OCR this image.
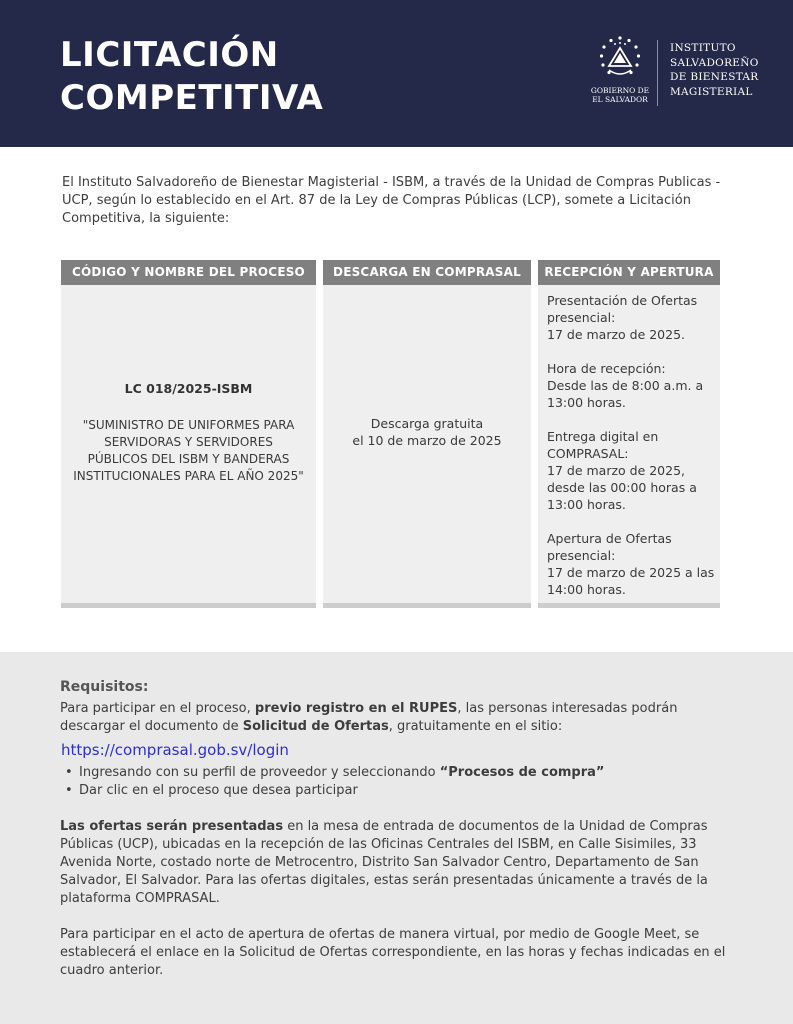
LICITACIÓN
COMPETITIVA	GOBIERNO DE
EL SALVADOR
INSTITUTO
SALVADOREÑO
DE BIENESTAR
MAGISTERIAL

El Instituto Salvadoreño de Bienestar Magisterial - ISBM, a través de la Unidad de Compras Publicas - UCP, según lo establecido en el Art. 87 de la Ley de Compras Públicas (LCP), somete a Licitación Competitiva, la siguiente:

CÓDIGO Y NOMBRE DEL PROCESO
LC 018/2025-ISBM
"SUMINISTRO DE UNIFORMES PARA SERVIDORAS Y SERVIDORES PÚBLICOS DEL ISBM Y BANDERAS INSTITUCIONALES PARA EL AÑO 2025"
DESCARGA EN COMPRASAL
Descarga gratuita
el 10 de marzo de 2025
RECEPCIÓN Y APERTURA

Presentación de Ofertas presencial:
17 de marzo de 2025.

Hora de recepción:
Desde las de 8:00 a.m. a 13:00 horas.

Entrega digital en COMPRASAL:
17 de marzo de 2025, desde las 00:00 horas a 13:00 horas.

Apertura de Ofertas presencial:
17 de marzo de 2025 a las 14:00 horas.

Requisitos:

Para participar en el proceso, previo registro en el RUPES, las personas interesadas podrán descargar el documento de Solicitud de Ofertas, gratuitamente en el sitio:

https://comprasal.gob.sv/login
• Ingresando con su perfil de proveedor y seleccionando “Procesos de compra”
• Dar clic en el proceso que desea participar

Las ofertas serán presentadas en la mesa de entrada de documentos de la Unidad de Compras Públicas (UCP), ubicadas en la recepción de las Oficinas Centrales del ISBM, en Calle Sisimiles, 33 Avenida Norte, costado norte de Metrocentro, Distrito San Salvador Centro, Departamento de San Salvador, El Salvador. Para las ofertas digitales, estas serán presentadas únicamente a través de la plataforma COMPRASAL.

Para participar en el acto de apertura de ofertas de manera virtual, por medio de Google Meet, se establecerá el enlace en la Solicitud de Ofertas correspondiente, en las horas y fechas indicadas en el cuadro anterior.
